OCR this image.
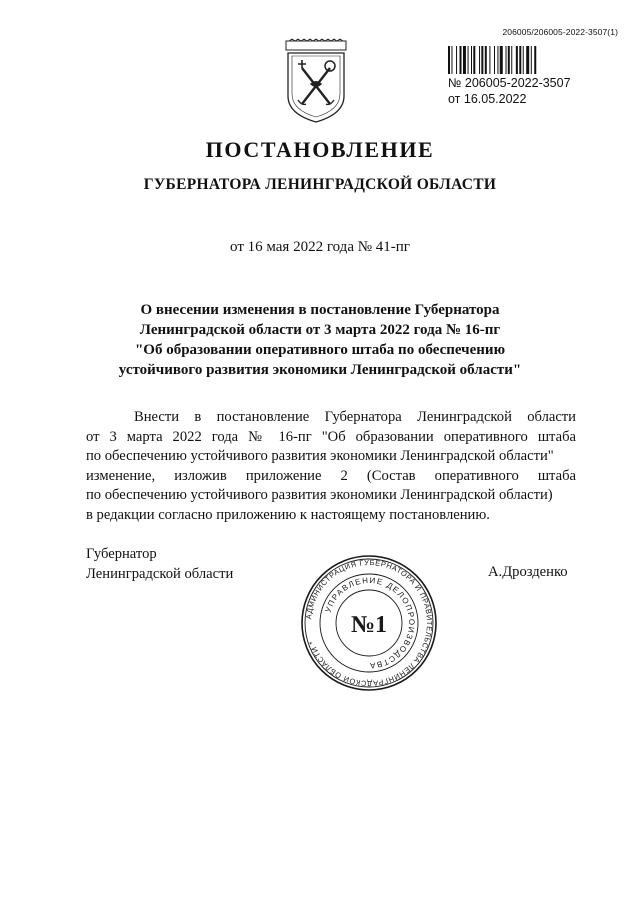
206005/206005-2022-3507(1)
№ 206005-2022-3507
от 16.05.2022
ПОСТАНОВЛЕНИЕ
ГУБЕРНАТОРА ЛЕНИНГРАДСКОЙ ОБЛАСТИ
от 16 мая 2022 года № 41-пг
О внесении изменения в постановление Губернатора
Ленинградской области от 3 марта 2022 года № 16-пг
"Об образовании оперативного штаба по обеспечению
устойчивого развития экономики Ленинградской области"
Внести в постановление Губернатора Ленинградской области
от 3 марта 2022 года № 16-пг "Об образовании оперативного штаба
по обеспечению устойчивого развития экономики Ленинградской области"
изменение, изложив приложение 2 (Состав оперативного штаба
по обеспечению устойчивого развития экономики Ленинградской области)
в редакции согласно приложению к настоящему постановлению.
Губернатор
Ленинградской области	А.Дрозденко
АДМИНИСТРАЦИЯ ГУБЕРНАТОРА И ПРАВИТЕЛЬСТВА ЛЕНИНГРАДСКОЙ ОБЛАСТИ *
УПРАВЛЕНИЕ ДЕЛОПРОИЗВОДСТВА
№1
